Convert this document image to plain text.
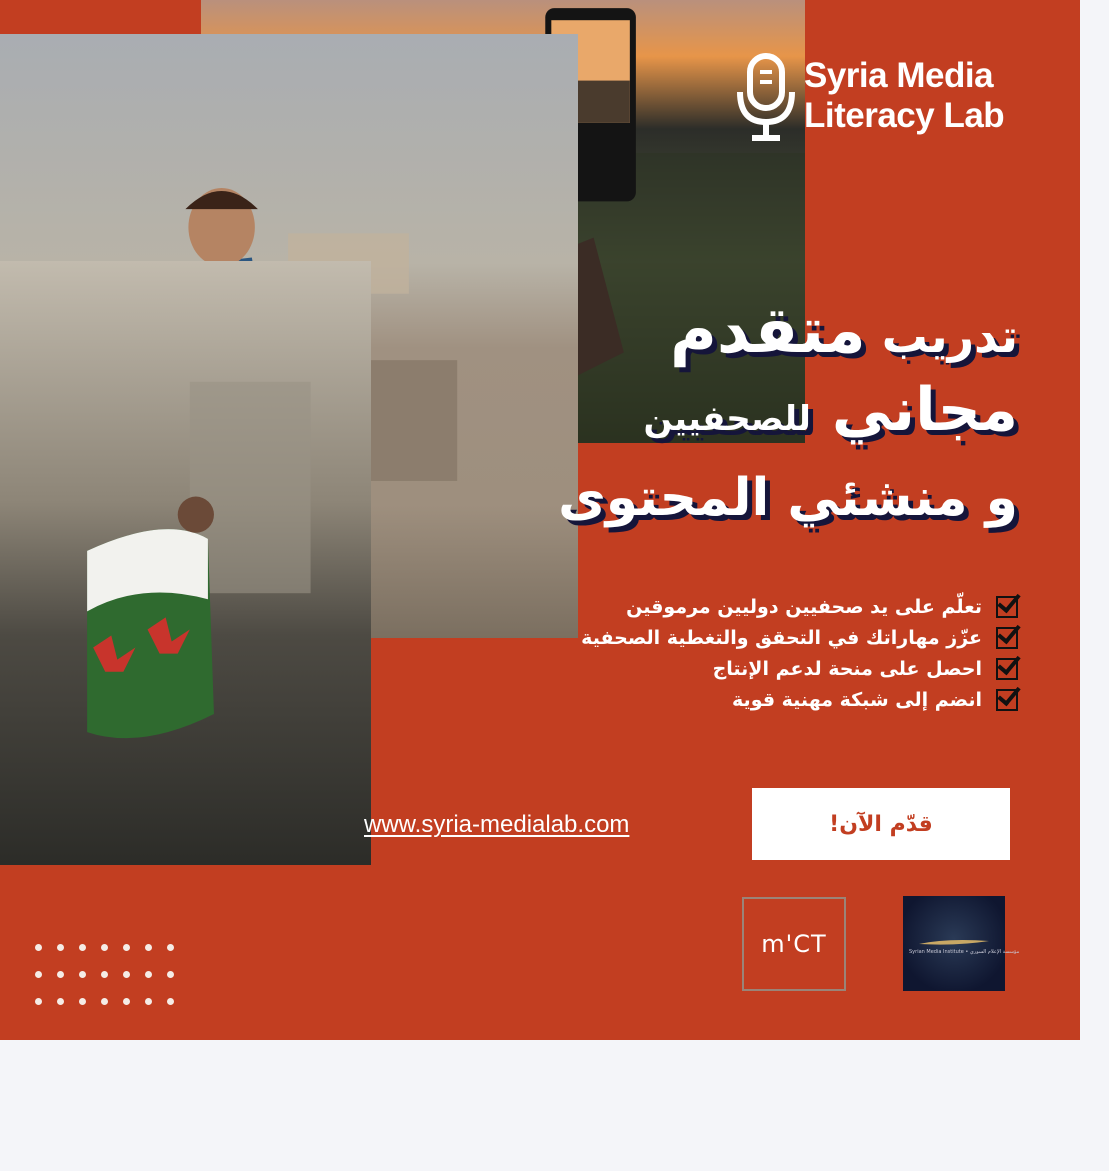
Syria Media
Literacy Lab
تدريب متقدم
مجاني للصحفيين
و منشئي المحتوى
تعلّم على يد صحفيين دوليين مرموقين
عزّز مهاراتك في التحقق والتغطية الصحفية
احصل على منحة لدعم الإنتاج
انضم إلى شبكة مهنية قوية
www.syria-medialab.com	قدّم الآن!
m'CT	Syrian Media Institute • مؤسسة الإعلام السوري
